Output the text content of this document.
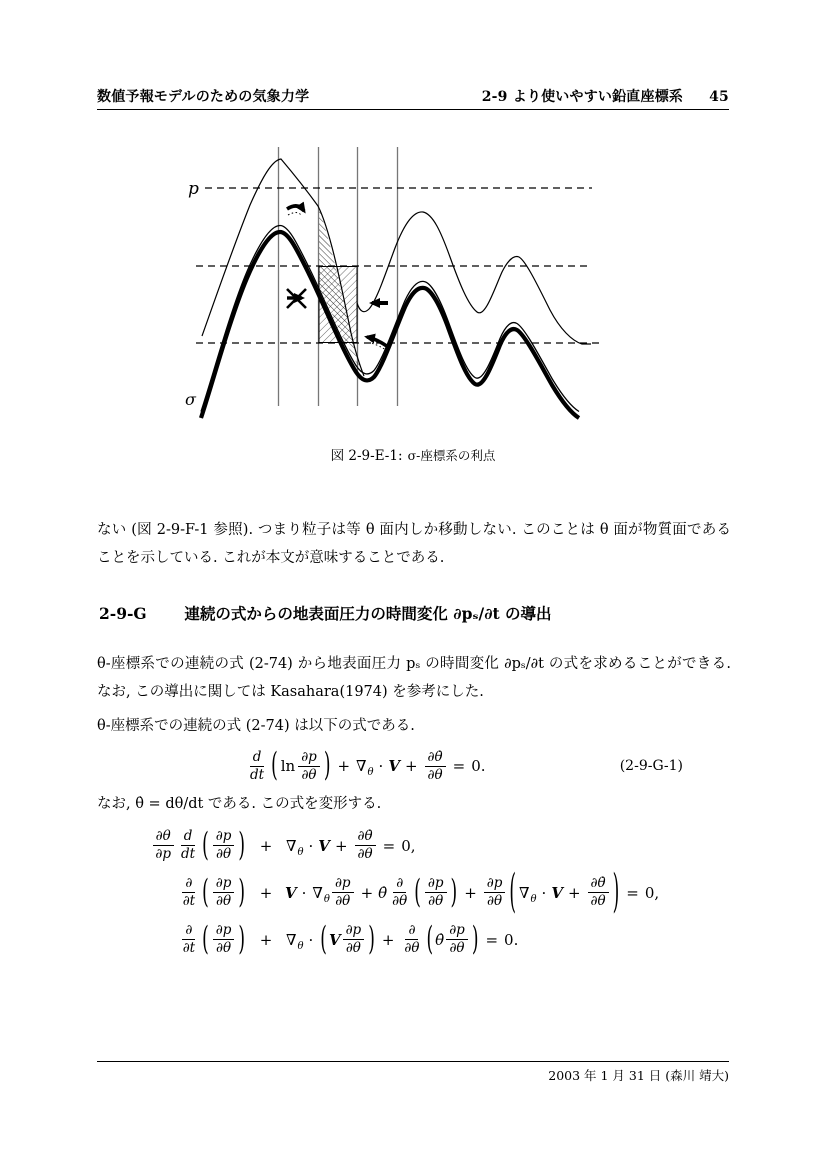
数値予報モデルのための気象力学	2-9 より使いやすい鉛直座標系 45
p
σ
図 2-9-E-1: σ-座標系の利点
ない (図 2-9-F-1 参照). つまり粒子は等 θ 面内しか移動しない. このことは θ 面が物質面であることを示している. これが本文が意味することである.
2-9-G 連続の式からの地表面圧力の時間変化 ∂pₛ/∂t の導出
θ-座標系での連続の式 (2-74) から地表面圧力 pₛ の時間変化 ∂pₛ/∂t の式を求めることができる. なお, この導出に関しては Kasahara(1974) を参考にした.
θ-座標系での連続の式 (2-74) は以下の式である.
d
dt ( ln
∂p
∂θ ) + ∇ $\theta \cdot V + \frac{\partial\thetȧ}{\partial\theta} = 0$.	(2-9-G-1)
なお, θ̇ = dθ/dt である. この式を変形する.
∂θ
∂p
d
dt ( ∂p
∂θ ) + ∇ $\theta \cdot V + \frac{\partial\thetȧ}{\partial\theta} = 0$,
∂
∂t ( ∂p
∂θ ) + V · ∇ θ
∂p
∂θ + θ̇
∂
∂θ ( ∂p
∂θ ) + $\frac{\partial p}{\partial\theta}$ ( ∇ $\theta \cdot V + \frac{\partial\thetȧ}{\partial\theta}$ ) = 0,
∂
∂t ( ∂p
∂θ ) + ∇ θ · ( V
∂p
∂θ ) +
∂
∂θ ( θ̇
∂p
∂θ ) = 0.
2003 年 1 月 31 日 (森川 靖大)
